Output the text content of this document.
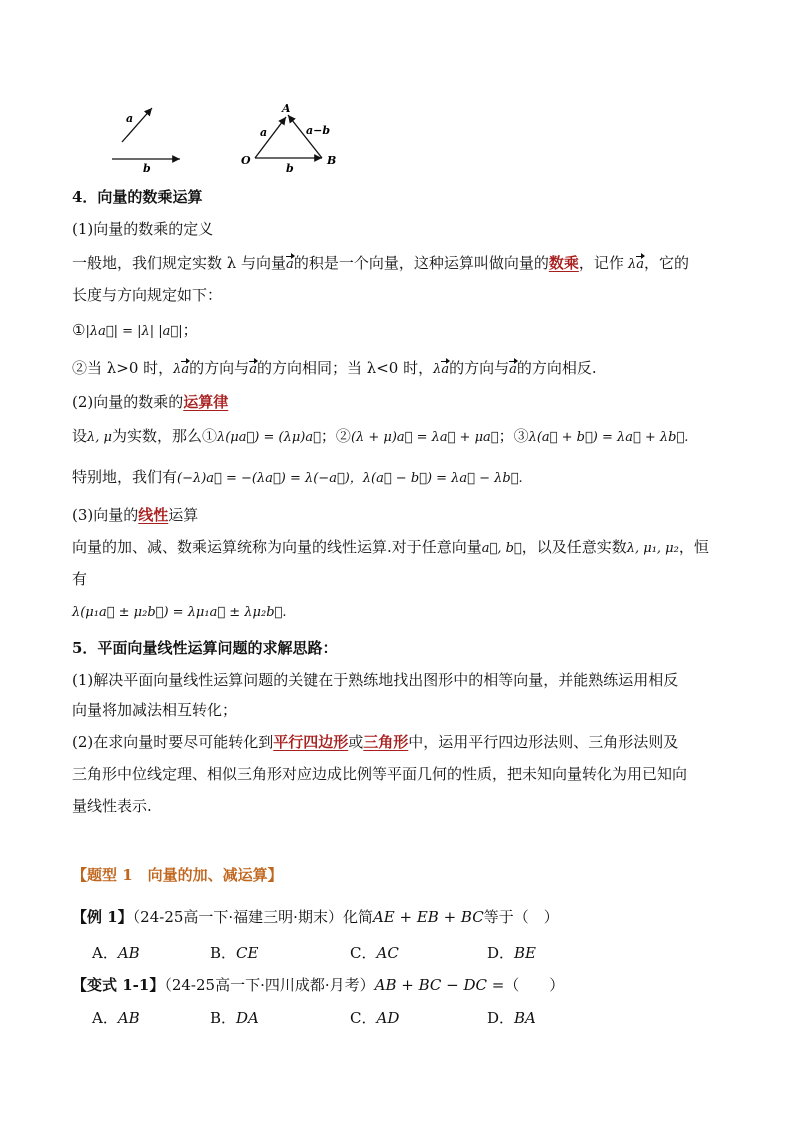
a
b
A
O	B
a
b
a−b
4．向量的数乘运算
(1)向量的数乘的定义
一般地，我们规定实数 λ 与向量a的积是一个向量，这种运算叫做向量的数乘，记作 λa，它的
长度与方向规定如下：
①|λa⃗| = |λ| |a⃗|；
②当 λ>0 时，λa的方向与a的方向相同；当 λ<0 时，λa的方向与a的方向相反.
(2)向量的数乘的运算律
设λ, μ为实数，那么①λ(μa⃗) = (λμ)a⃗；②(λ + μ)a⃗ = λa⃗ + μa⃗；③λ(a⃗ + b⃗) = λa⃗ + λb⃗.
特别地，我们有(−λ)a⃗ = −(λa⃗) = λ(−a⃗)，λ(a⃗ − b⃗) = λa⃗ − λb⃗.
(3)向量的线性运算
向量的加、减、数乘运算统称为向量的线性运算.对于任意向量a⃗, b⃗，以及任意实数λ, μ₁, μ₂，恒
有
λ(μ₁a⃗ ± μ₂b⃗) = λμ₁a⃗ ± λμ₂b⃗.
5．平面向量线性运算问题的求解思路：
(1)解决平面向量线性运算问题的关键在于熟练地找出图形中的相等向量，并能熟练运用相反
向量将加减法相互转化；
(2)在求向量时要尽可能转化到平行四边形或三角形中，运用平行四边形法则、三角形法则及
三角形中位线定理、相似三角形对应边成比例等平面几何的性质，把未知向量转化为用已知向
量线性表示.
【题型 1　向量的加、减运算】
【例 1】（24-25高一下·福建三明·期末）化简AE + EB + BC等于（　）
A．AB	B．CE	C．AC	D．BE
【变式 1-1】（24-25高一下·四川成都·月考）AB + BC − DC =（　　）
A．AB	B．DA	C．AD	D．BA
